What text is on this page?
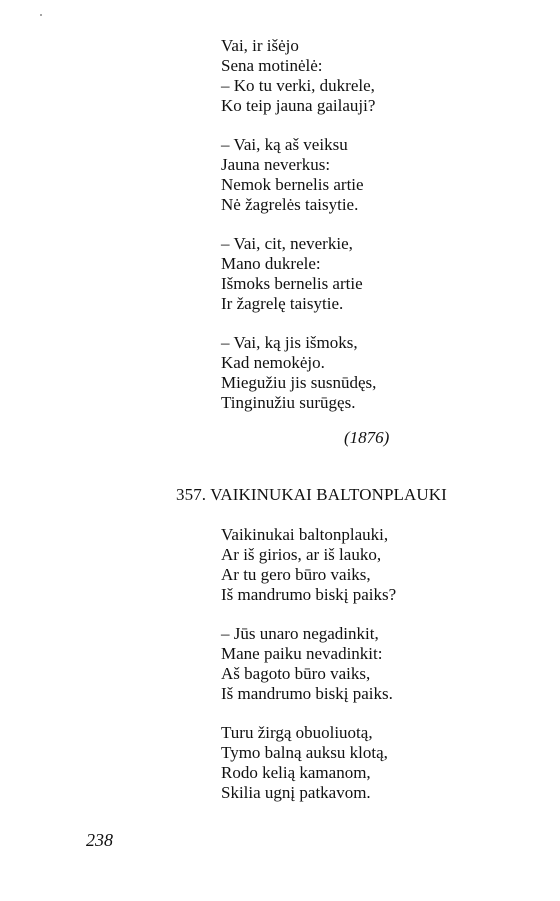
Vai, ir išėjo
Sena motinėlė:
– Ko tu verki, dukrele,
Ko teip jauna gailauji?
– Vai, ką aš veiksu
Jauna neverkus:
Nemok bernelis artie
Nė žagrelės taisytie.
– Vai, cit, neverkie,
Mano dukrele:
Išmoks bernelis artie
Ir žagrelę taisytie.
– Vai, ką jis išmoks,
Kad nemokėjo.
Miegužiu jis susnūdęs,
Tinginužiu surūgęs.
(1876)
357. VAIKINUKAI BALTONPLAUKI
Vaikinukai baltonplauki,
Ar iš girios, ar iš lauko,
Ar tu gero būro vaiks,
Iš mandrumo biskį paiks?
– Jūs unaro negadinkit,
Mane paiku nevadinkit:
Aš bagoto būro vaiks,
Iš mandrumo biskį paiks.
Turu žirgą obuoliuotą,
Tymo balną auksu klotą,
Rodo kelią kamanom,
Skilia ugnį patkavom.
238
